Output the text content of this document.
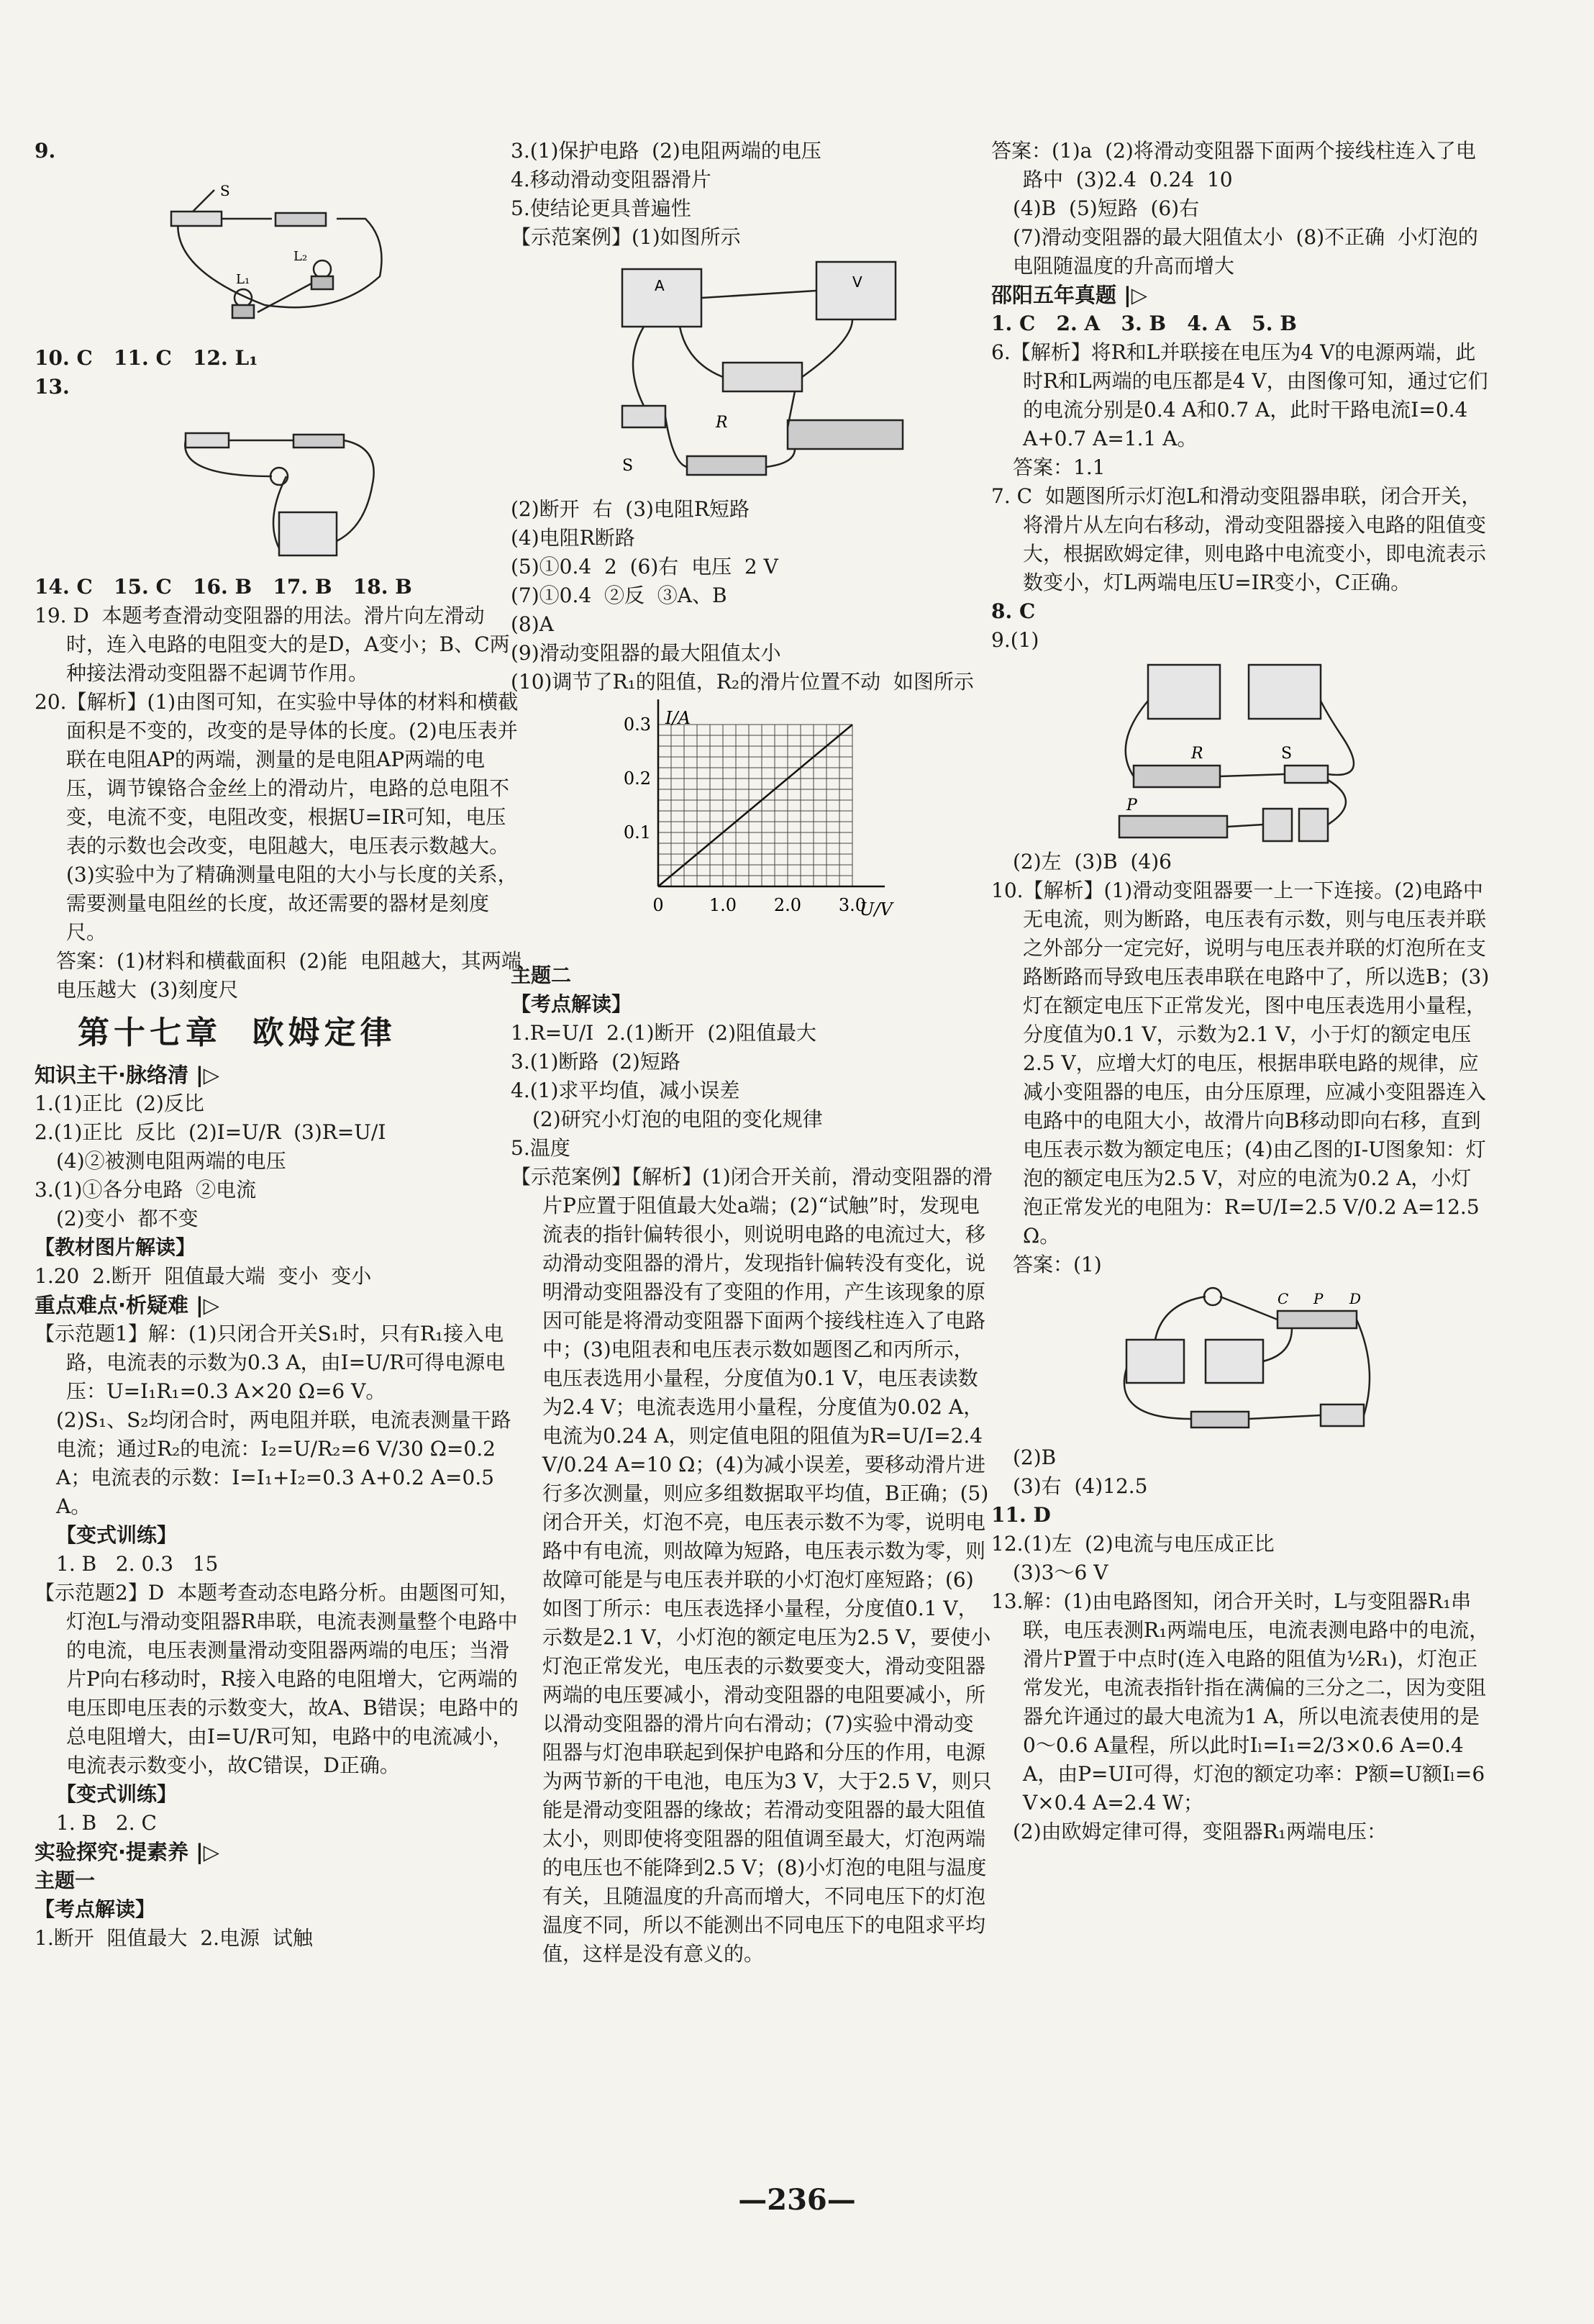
9.

S
L₂
L₁

10. C   11. C   12. L₁

13.

14. C   15. C   16. B   17. B   18. B

19. D  本题考查滑动变阻器的用法。滑片向左滑动时，连入电路的电阻变大的是D，A变小；B、C两种接法滑动变阻器不起调节作用。

20.【解析】(1)由图可知，在实验中导体的材料和横截面积是不变的，改变的是导体的长度。(2)电压表并联在电阻AP的两端，测量的是电阻AP两端的电压，调节镍铬合金丝上的滑动片，电路的总电阻不变，电流不变，电阻改变，根据U=IR可知，电压表的示数也会改变，电阻越大，电压表示数越大。(3)实验中为了精确测量电阻的大小与长度的关系，需要测量电阻丝的长度，故还需要的器材是刻度尺。

答案：(1)材料和横截面积  (2)能  电阻越大，其两端电压越大  (3)刻度尺

第十七章  欧姆定律

知识主干·脉络清 |▷

1.(1)正比  (2)反比

2.(1)正比  反比  (2)I=U/R  (3)R=U/I

(4)②被测电阻两端的电压

3.(1)①各分电路  ②电流

(2)变小  都不变

【教材图片解读】

1.20  2.断开  阻值最大端  变小  变小

重点难点·析疑难 |▷

【示范题1】解：(1)只闭合开关S₁时，只有R₁接入电路，电流表的示数为0.3 A，由I=U/R可得电源电压：U=I₁R₁=0.3 A×20 Ω=6 V。

(2)S₁、S₂均闭合时，两电阻并联，电流表测量干路电流；通过R₂的电流：I₂=U/R₂=6 V/30 Ω=0.2 A；电流表的示数：I=I₁+I₂=0.3 A+0.2 A=0.5 A。

【变式训练】

1. B   2. 0.3   15

【示范题2】D  本题考查动态电路分析。由题图可知，灯泡L与滑动变阻器R串联，电流表测量整个电路中的电流，电压表测量滑动变阻器两端的电压；当滑片P向右移动时，R接入电路的电阻增大，它两端的电压即电压表的示数变大，故A、B错误；电路中的总电阻增大，由I=U/R可知，电路中的电流减小，电流表示数变小，故C错误，D正确。

【变式训练】

1. B   2. C

实验探究·提素养 |▷

主题一

【考点解读】

1.断开  阻值最大  2.电源  试触

3.(1)保护电路  (2)电阻两端的电压

4.移动滑动变阻器滑片

5.使结论更具普遍性

【示范案例】(1)如图所示

R
S
A	V

(2)断开  右  (3)电阻R短路

(4)电阻R断路

(5)①0.4  2  (6)右  电压  2 V

(7)①0.4  ②反  ③A、B

(8)A

(9)滑动变阻器的最大阻值太小

(10)调节了R₁的阻值，R₂的滑片位置不动  如图所示

I/A
U/V
0.1
0.2
0.3
0	1.0 2.0 3.0

主题二

【考点解读】

1.R=U/I  2.(1)断开  (2)阻值最大

3.(1)断路  (2)短路

4.(1)求平均值，减小误差

(2)研究小灯泡的电阻的变化规律

5.温度

【示范案例】【解析】(1)闭合开关前，滑动变阻器的滑片P应置于阻值最大处a端；(2)“试触”时，发现电流表的指针偏转很小，则说明电路的电流过大，移动滑动变阻器的滑片，发现指针偏转没有变化，说明滑动变阻器没有了变阻的作用，产生该现象的原因可能是将滑动变阻器下面两个接线柱连入了电路中；(3)电阻表和电压表示数如题图乙和丙所示，电压表选用小量程，分度值为0.1 V，电压表读数为2.4 V；电流表选用小量程，分度值为0.02 A，电流为0.24 A，则定值电阻的阻值为R=U/I=2.4 V/0.24 A=10 Ω；(4)为减小误差，要移动滑片进行多次测量，则应多组数据取平均值，B正确；(5)闭合开关，灯泡不亮，电压表示数不为零，说明电路中有电流，则故障为短路，电压表示数为零，则故障可能是与电压表并联的小灯泡灯座短路；(6)如图丁所示：电压表选择小量程，分度值0.1 V，示数是2.1 V，小灯泡的额定电压为2.5 V，要使小灯泡正常发光，电压表的示数要变大，滑动变阻器两端的电压要减小，滑动变阻器的电阻要减小，所以滑动变阻器的滑片向右滑动；(7)实验中滑动变阻器与灯泡串联起到保护电路和分压的作用，电源为两节新的干电池，电压为3 V，大于2.5 V，则只能是滑动变阻器的缘故；若滑动变阻器的最大阻值太小，则即使将变阻器的阻值调至最大，灯泡两端的电压也不能降到2.5 V；(8)小灯泡的电阻与温度有关，且随温度的升高而增大，不同电压下的灯泡温度不同，所以不能测出不同电压下的电阻求平均值，这样是没有意义的。

答案：(1)a  (2)将滑动变阻器下面两个接线柱连入了电路中  (3)2.4  0.24  10

(4)B  (5)短路  (6)右

(7)滑动变阻器的最大阻值太小  (8)不正确  小灯泡的电阻随温度的升高而增大

邵阳五年真题 |▷

1. C   2. A   3. B   4. A   5. B

6.【解析】将R和L并联接在电压为4 V的电源两端，此时R和L两端的电压都是4 V，由图像可知，通过它们的电流分别是0.4 A和0.7 A，此时干路电流I=0.4 A+0.7 A=1.1 A。

答案：1.1

7. C  如题图所示灯泡L和滑动变阻器串联，闭合开关，将滑片从左向右移动，滑动变阻器接入电路的阻值变大，根据欧姆定律，则电路中电流变小，即电流表示数变小，灯L两端电压U=IR变小，C正确。

8. C

9.(1)

R	S
P

(2)左  (3)B  (4)6

10.【解析】(1)滑动变阻器要一上一下连接。(2)电路中无电流，则为断路，电压表有示数，则与电压表并联之外部分一定完好，说明与电压表并联的灯泡所在支路断路而导致电压表串联在电路中了，所以选B；(3)灯在额定电压下正常发光，图中电压表选用小量程，分度值为0.1 V，示数为2.1 V，小于灯的额定电压2.5 V，应增大灯的电压，根据串联电路的规律，应减小变阻器的电压，由分压原理，应减小变阻器连入电路中的电阻大小，故滑片向B移动即向右移，直到电压表示数为额定电压；(4)由乙图的I-U图象知：灯泡的额定电压为2.5 V，对应的电流为0.2 A，小灯泡正常发光的电阻为：R=U/I=2.5 V/0.2 A=12.5 Ω。

答案：(1)

C P D

(2)B

(3)右  (4)12.5

11. D

12.(1)左  (2)电流与电压成正比

(3)3～6 V

13.解：(1)由电路图知，闭合开关时，L与变阻器R₁串联，电压表测R₁两端电压，电流表测电路中的电流，滑片P置于中点时(连入电路的阻值为½R₁)，灯泡正常发光，电流表指针指在满偏的三分之二，因为变阻器允许通过的最大电流为1 A，所以电流表使用的是0～0.6 A量程，所以此时Iₗ=I₁=2/3×0.6 A=0.4 A，由P=UI可得，灯泡的额定功率：P额=U额Iₗ=6 V×0.4 A=2.4 W；

(2)由欧姆定律可得，变阻器R₁两端电压：

—236—
